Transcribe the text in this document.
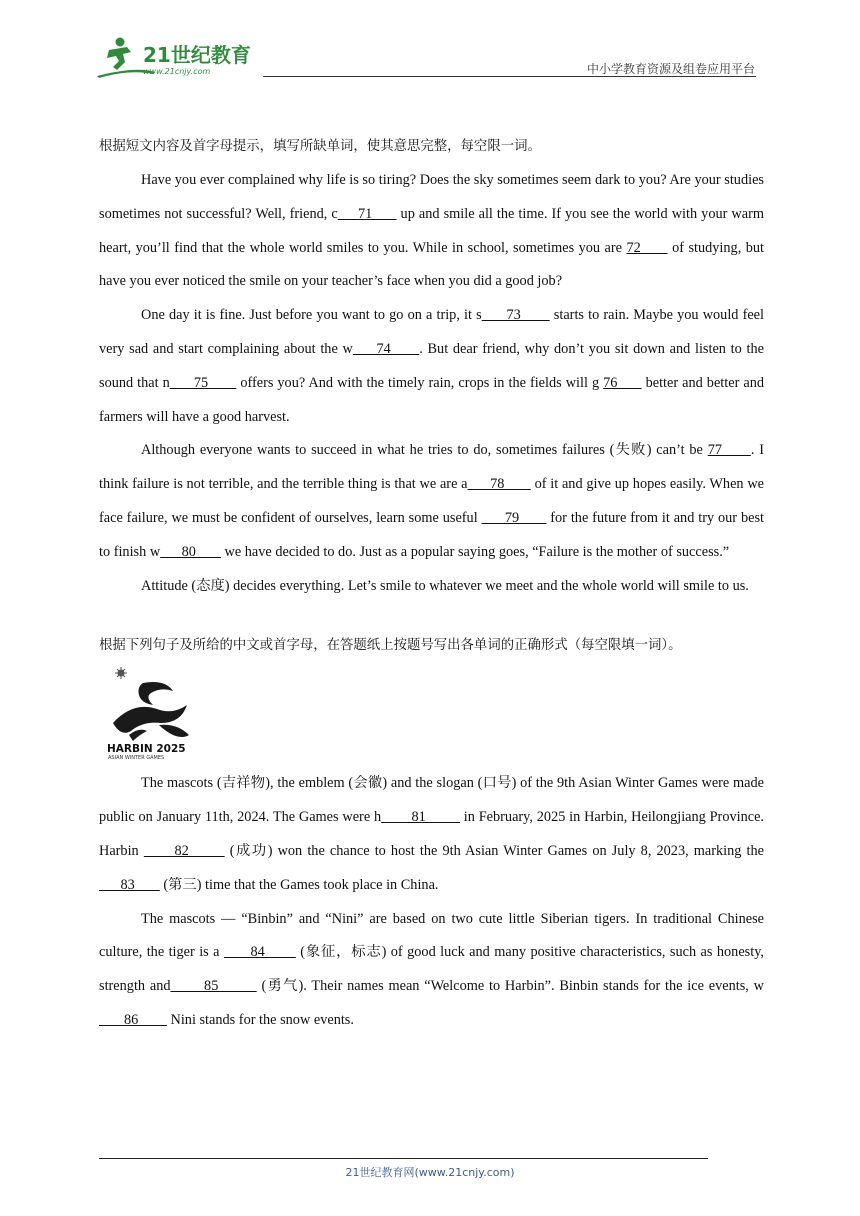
21世纪教育
www.21cnjy.com	中小学教育资源及组卷应用平台

根据短文内容及首字母提示，填写所缺单词，使其意思完整，每空限一词。

Have you ever complained why life is so tiring? Does the sky sometimes seem dark to you? Are your studies sometimes not successful? Well, friend, c     71       up and smile all the time. If you see the world with your warm heart, you’ll find that the whole world smiles to you. While in school, sometimes you are 72       of studying, but have you ever noticed the smile on your teacher’s face when you did a good job?

One day it is fine. Just before you want to go on a trip, it s      73        starts to rain. Maybe you would feel very sad and start complaining about the w     74      . But dear friend, why don’t you sit down and listen to the sound that n      75        offers you? And with the timely rain, crops in the fields will g 76       better and better and farmers will have a good harvest.

Although everyone wants to succeed in what he tries to do, sometimes failures (失败) can’t be 77      . I think failure is not terrible, and the terrible thing is that we are a      78        of it and give up hopes easily. When we face failure, we must be confident of ourselves, learn some useful       79        for the future from it and try our best to finish w      80        we have decided to do. Just as a popular saying goes, “Failure is the mother of success.”

Attitude (态度) decides everything. Let’s smile to whatever we meet and the whole world will smile to us.

根据下列句子及所给的中文或首字母，在答题纸上按题号写出各单词的正确形式（每空限填一词）。

HARBIN 2025
ASIAN WINTER GAMES

The mascots (吉祥物), the emblem (会徽) and the slogan (口号) of the 9th Asian Winter Games were made public on January 11th, 2024. The Games were h        81          in February, 2025 in Harbin, Heilongjiang Province. Harbin       82        (成功) won the chance to host the 9th Asian Winter Games on July 8, 2023, marking the       83        (第三) time that the Games took place in China.

The mascots — “Binbin” and “Nini” are based on two cute little Siberian tigers. In traditional Chinese culture, the tiger is a       84        (象征，标志) of good luck and many positive characteristics, such as honesty, strength and       85         (勇气). Their names mean “Welcome to Harbin”. Binbin stands for the ice events, w       86         Nini stands for the snow events.

21世纪教育网(www.21cnjy.com)
